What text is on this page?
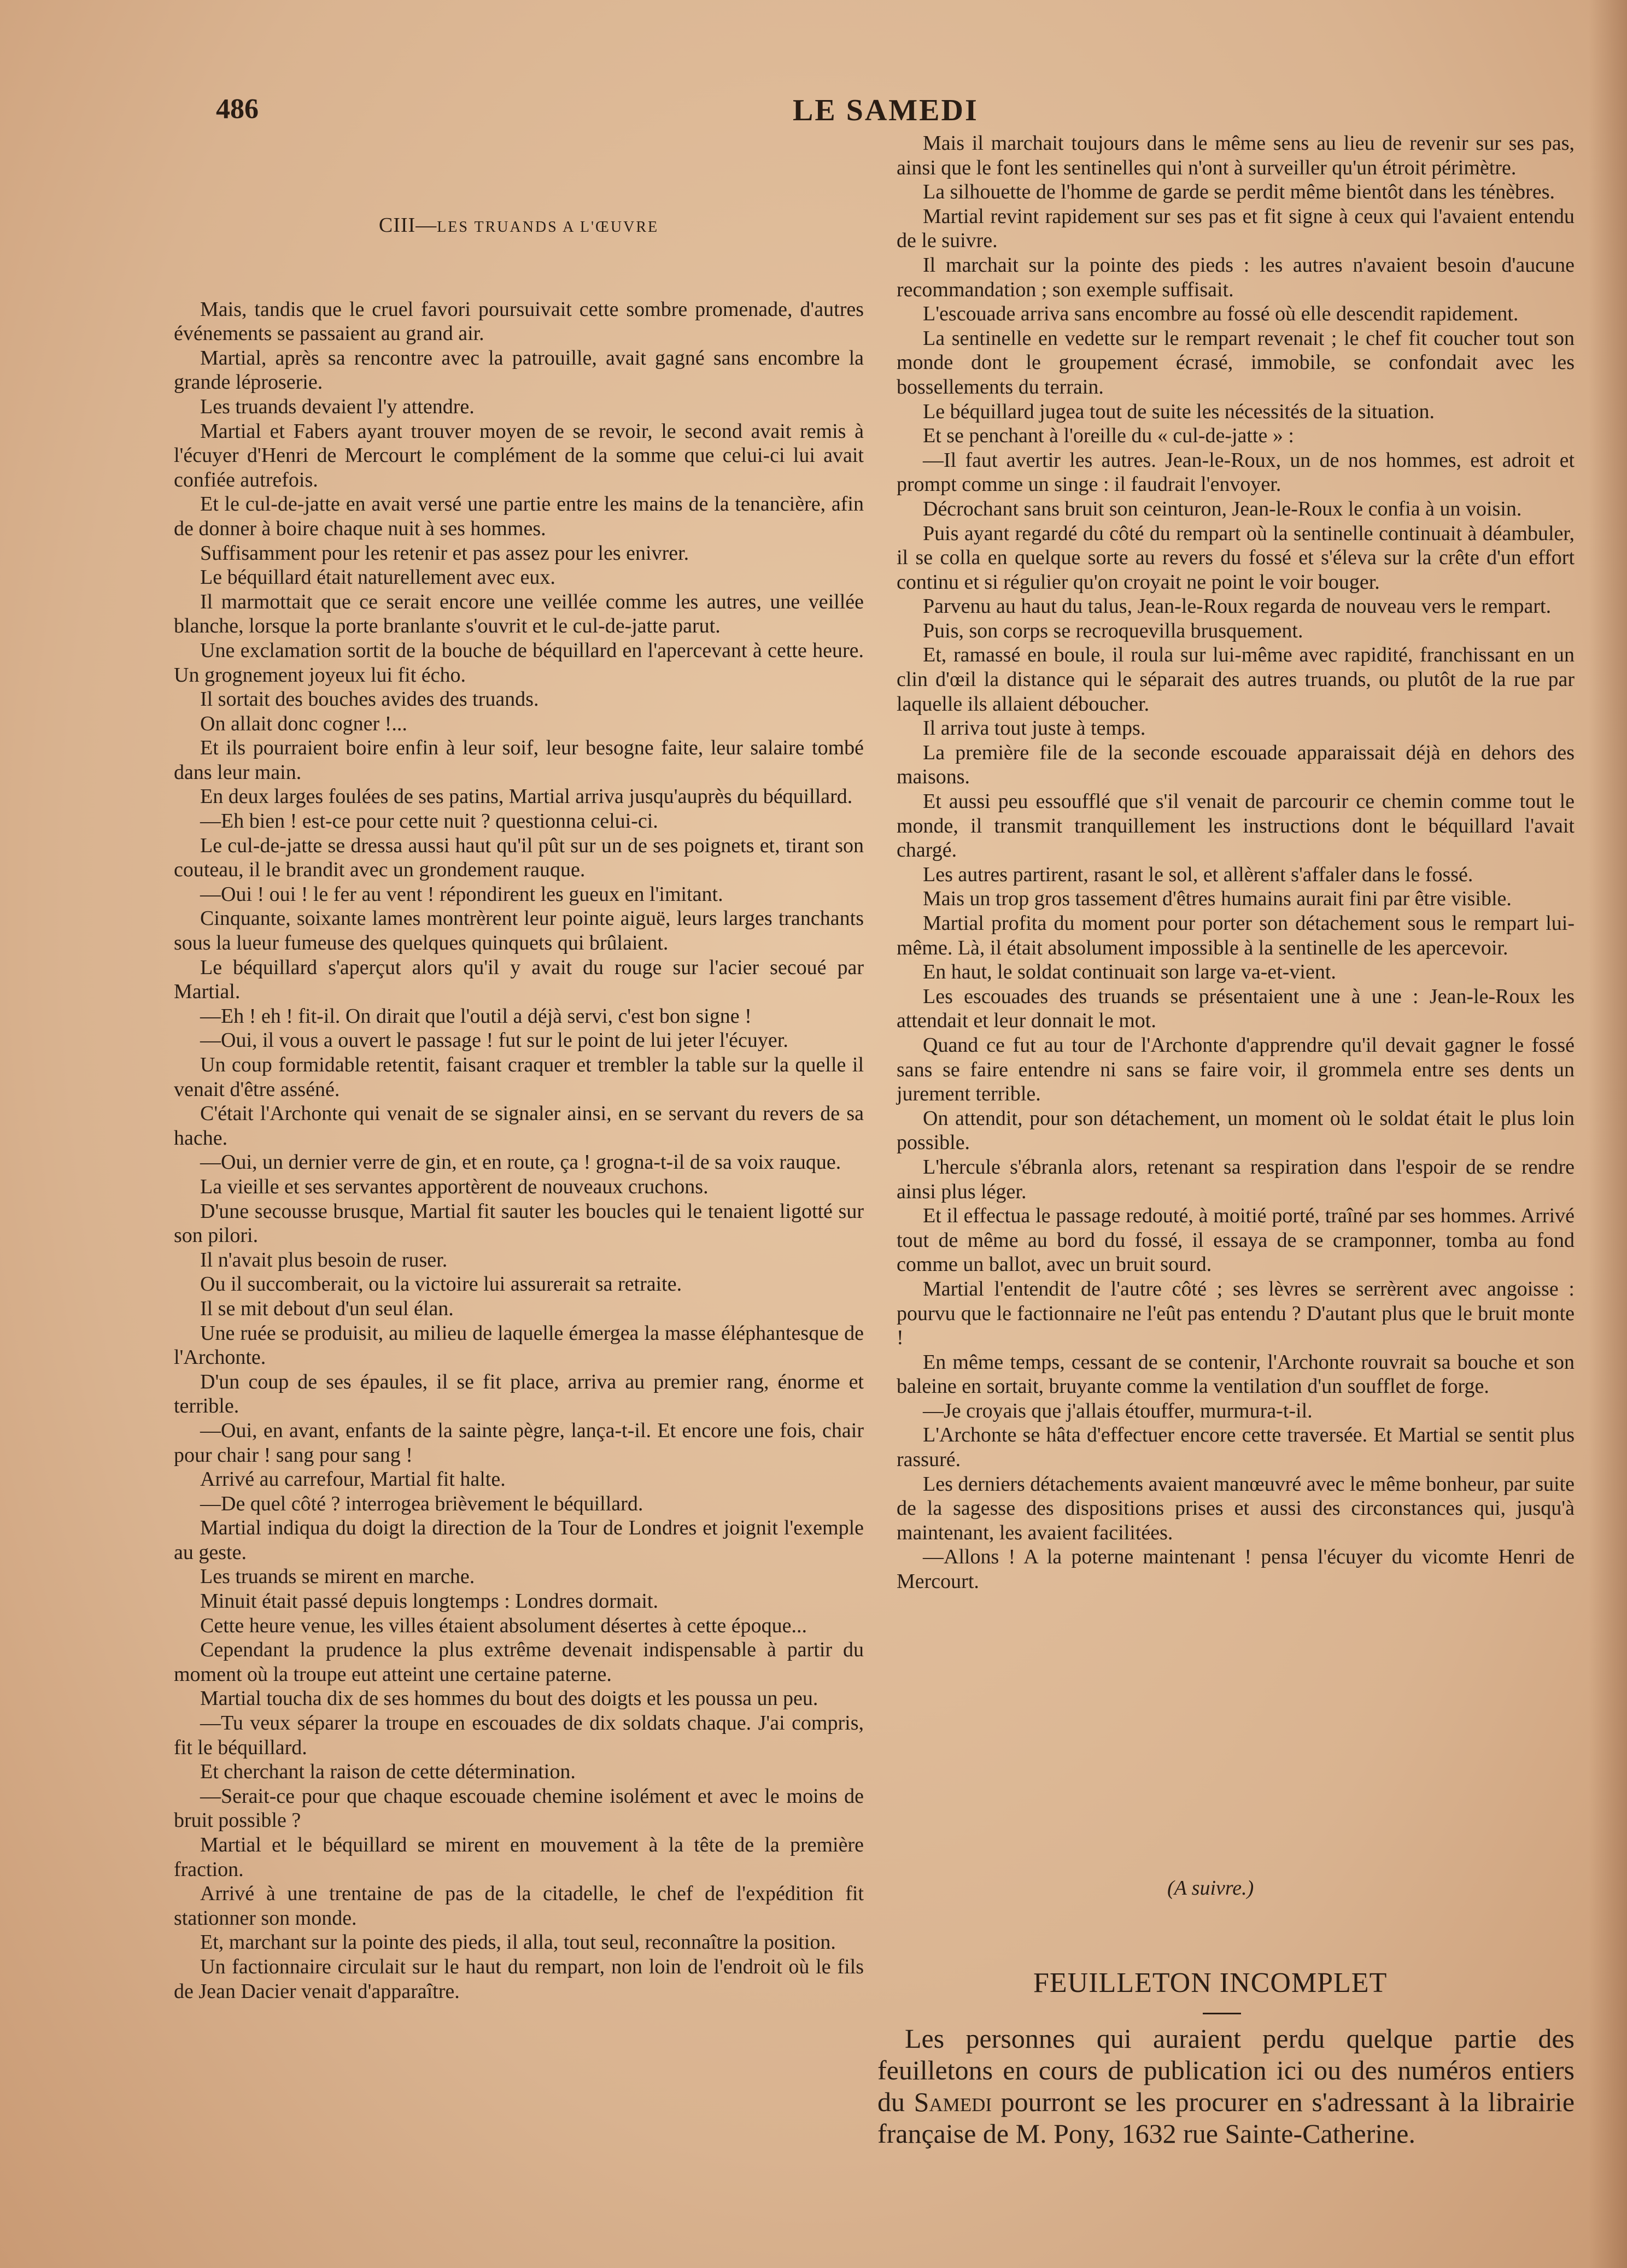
486	LE SAMEDI
CIII—LES TRUANDS A L'ŒUVRE

Mais, tandis que le cruel favori poursuivait cette sombre promenade, d'autres événements se passaient au grand air.

Martial, après sa rencontre avec la patrouille, avait gagné sans encombre la grande léproserie.

Les truands devaient l'y attendre.

Martial et Fabers ayant trouver moyen de se revoir, le second avait remis à l'écuyer d'Henri de Mercourt le complément de la somme que celui-ci lui avait confiée autrefois.

Et le cul-de-jatte en avait versé une partie entre les mains de la tenancière, afin de donner à boire chaque nuit à ses hommes.

Suffisamment pour les retenir et pas assez pour les enivrer.

Le béquillard était naturellement avec eux.

Il marmottait que ce serait encore une veillée comme les autres, une veillée blanche, lorsque la porte branlante s'ouvrit et le cul-de-jatte parut.

Une exclamation sortit de la bouche de béquillard en l'apercevant à cette heure. Un grognement joyeux lui fit écho.

Il sortait des bouches avides des truands.

On allait donc cogner !...

Et ils pourraient boire enfin à leur soif, leur besogne faite, leur salaire tombé dans leur main.

En deux larges foulées de ses patins, Martial arriva jusqu'auprès du béquillard.

—Eh bien ! est-ce pour cette nuit ? questionna celui-ci.

Le cul-de-jatte se dressa aussi haut qu'il pût sur un de ses poignets et, tirant son couteau, il le brandit avec un grondement rauque.

—Oui ! oui ! le fer au vent ! répondirent les gueux en l'imitant.

Cinquante, soixante lames montrèrent leur pointe aiguë, leurs larges tranchants sous la lueur fumeuse des quelques quinquets qui brûlaient.

Le béquillard s'aperçut alors qu'il y avait du rouge sur l'acier secoué par Martial.

—Eh ! eh ! fit-il. On dirait que l'outil a déjà servi, c'est bon signe !

—Oui, il vous a ouvert le passage ! fut sur le point de lui jeter l'écuyer.

Un coup formidable retentit, faisant craquer et trembler la table sur la quelle il venait d'être asséné.

C'était l'Archonte qui venait de se signaler ainsi, en se servant du revers de sa hache.

—Oui, un dernier verre de gin, et en route, ça ! grogna-t-il de sa voix rauque.

La vieille et ses servantes apportèrent de nouveaux cruchons.

D'une secousse brusque, Martial fit sauter les boucles qui le tenaient ligotté sur son pilori.

Il n'avait plus besoin de ruser.

Ou il succomberait, ou la victoire lui assurerait sa retraite.

Il se mit debout d'un seul élan.

Une ruée se produisit, au milieu de laquelle émergea la masse éléphantesque de l'Archonte.

D'un coup de ses épaules, il se fit place, arriva au premier rang, énorme et terrible.

—Oui, en avant, enfants de la sainte pègre, lança-t-il. Et encore une fois, chair pour chair ! sang pour sang !

Arrivé au carrefour, Martial fit halte.

—De quel côté ? interrogea brièvement le béquillard.

Martial indiqua du doigt la direction de la Tour de Londres et joignit l'exemple au geste.

Les truands se mirent en marche.

Minuit était passé depuis longtemps : Londres dormait.

Cette heure venue, les villes étaient absolument désertes à cette époque...

Cependant la prudence la plus extrême devenait indispensable à partir du moment où la troupe eut atteint une certaine paterne.

Martial toucha dix de ses hommes du bout des doigts et les poussa un peu.

—Tu veux séparer la troupe en escouades de dix soldats chaque. J'ai compris, fit le béquillard.

Et cherchant la raison de cette détermination.

—Serait-ce pour que chaque escouade chemine isolément et avec le moins de bruit possible ?

Martial et le béquillard se mirent en mouvement à la tête de la première fraction.

Arrivé à une trentaine de pas de la citadelle, le chef de l'expédition fit stationner son monde.

Et, marchant sur la pointe des pieds, il alla, tout seul, reconnaître la position.

Un factionnaire circulait sur le haut du rempart, non loin de l'endroit où le fils de Jean Dacier venait d'apparaître.

Mais il marchait toujours dans le même sens au lieu de revenir sur ses pas, ainsi que le font les sentinelles qui n'ont à surveiller qu'un étroit périmètre.

La silhouette de l'homme de garde se perdit même bientôt dans les ténèbres.

Martial revint rapidement sur ses pas et fit signe à ceux qui l'avaient entendu de le suivre.

Il marchait sur la pointe des pieds : les autres n'avaient besoin d'aucune recommandation ; son exemple suffisait.

L'escouade arriva sans encombre au fossé où elle descendit rapidement.

La sentinelle en vedette sur le rempart revenait ; le chef fit coucher tout son monde dont le groupement écrasé, immobile, se confondait avec les bossellements du terrain.

Le béquillard jugea tout de suite les nécessités de la situation.

Et se penchant à l'oreille du « cul-de-jatte » :

—Il faut avertir les autres. Jean-le-Roux, un de nos hommes, est adroit et prompt comme un singe : il faudrait l'envoyer.

Décrochant sans bruit son ceinturon, Jean-le-Roux le confia à un voisin.

Puis ayant regardé du côté du rempart où la sentinelle continuait à déambuler, il se colla en quelque sorte au revers du fossé et s'éleva sur la crête d'un effort continu et si régulier qu'on croyait ne point le voir bouger.

Parvenu au haut du talus, Jean-le-Roux regarda de nouveau vers le rempart.

Puis, son corps se recroquevilla brusquement.

Et, ramassé en boule, il roula sur lui-même avec rapidité, franchissant en un clin d'œil la distance qui le séparait des autres truands, ou plutôt de la rue par laquelle ils allaient déboucher.

Il arriva tout juste à temps.

La première file de la seconde escouade apparaissait déjà en dehors des maisons.

Et aussi peu essoufflé que s'il venait de parcourir ce chemin comme tout le monde, il transmit tranquillement les instructions dont le béquillard l'avait chargé.

Les autres partirent, rasant le sol, et allèrent s'affaler dans le fossé.

Mais un trop gros tassement d'êtres humains aurait fini par être visible.

Martial profita du moment pour porter son détachement sous le rempart lui-même. Là, il était absolument impossible à la sentinelle de les apercevoir.

En haut, le soldat continuait son large va-et-vient.

Les escouades des truands se présentaient une à une : Jean-le-Roux les attendait et leur donnait le mot.

Quand ce fut au tour de l'Archonte d'apprendre qu'il devait gagner le fossé sans se faire entendre ni sans se faire voir, il grommela entre ses dents un jurement terrible.

On attendit, pour son détachement, un moment où le soldat était le plus loin possible.

L'hercule s'ébranla alors, retenant sa respiration dans l'espoir de se rendre ainsi plus léger.

Et il effectua le passage redouté, à moitié porté, traîné par ses hommes. Arrivé tout de même au bord du fossé, il essaya de se cramponner, tomba au fond comme un ballot, avec un bruit sourd.

Martial l'entendit de l'autre côté ; ses lèvres se serrèrent avec angoisse : pourvu que le factionnaire ne l'eût pas entendu ? D'autant plus que le bruit monte !

En même temps, cessant de se contenir, l'Archonte rouvrait sa bouche et son baleine en sortait, bruyante comme la ventilation d'un soufflet de forge.

—Je croyais que j'allais étouffer, murmura-t-il.

L'Archonte se hâta d'effectuer encore cette traversée. Et Martial se sentit plus rassuré.

Les derniers détachements avaient manœuvré avec le même bonheur, par suite de la sagesse des dispositions prises et aussi des circonstances qui, jusqu'à maintenant, les avaient facilitées.

—Allons ! A la poterne maintenant ! pensa l'écuyer du vicomte Henri de Mercourt.

(A suivre.)
FEUILLETON INCOMPLET
Les personnes qui auraient perdu quelque partie des feuilletons en cours de publication ici ou des numéros entiers du Samedi pourront se les procurer en s'adressant à la librairie française de M. Pony, 1632 rue Sainte-Catherine.
